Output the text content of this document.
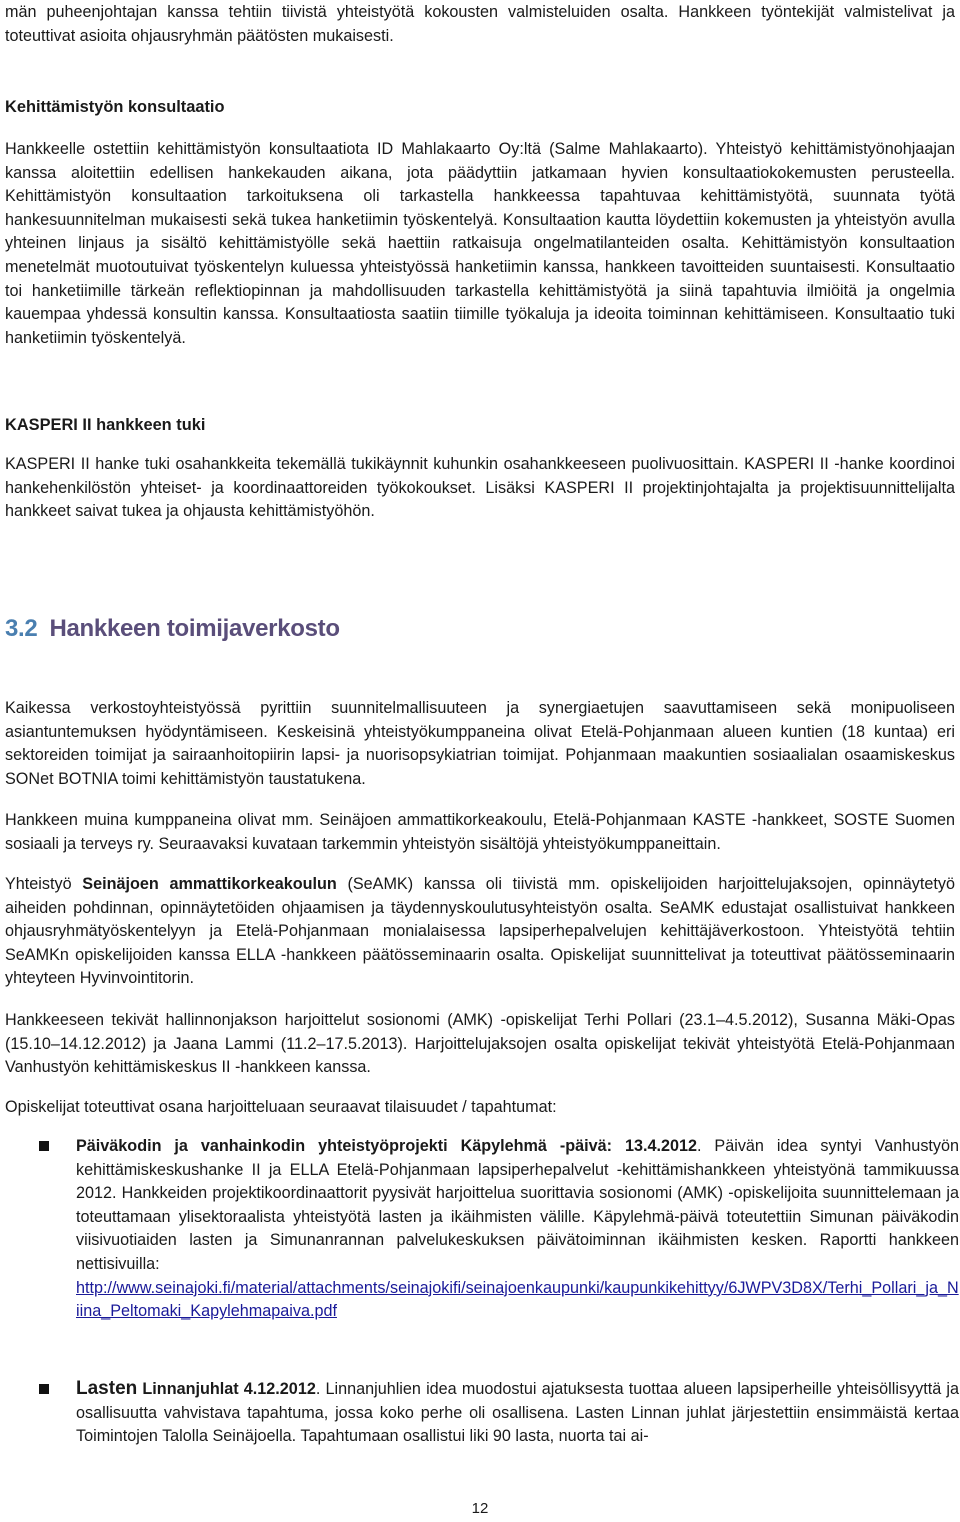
män puheenjohtajan kanssa tehtiin tiivistä yhteistyötä kokousten valmisteluiden osalta. Hankkeen työntekijät valmistelivat ja toteuttivat asioita ohjausryhmän päätösten mukaisesti.

Kehittämistyön konsultaatio

Hankkeelle ostettiin kehittämistyön konsultaatiota ID Mahlakaarto Oy:ltä (Salme Mahlakaarto). Yhteistyö kehittämistyönohjaajan kanssa aloitettiin edellisen hankekauden aikana, jota päädyttiin jatkamaan hyvien konsultaatiokokemusten perusteella. Kehittämistyön konsultaation tarkoituksena oli tarkastella hankkeessa tapahtuvaa kehittämistyötä, suunnata työtä hankesuunnitelman mukaisesti sekä tukea hanketiimin työskentelyä. Konsultaation kautta löydettiin kokemusten ja yhteistyön avulla yhteinen linjaus ja sisältö kehittämistyölle sekä haettiin ratkaisuja ongelmatilanteiden osalta. Kehittämistyön konsultaation menetelmät muotoutuivat työskentelyn kuluessa yhteistyössä hanketiimin kanssa, hankkeen tavoitteiden suuntaisesti. Konsultaatio toi hanketiimille tärkeän reflektiopinnan ja mahdollisuuden tarkastella kehittämistyötä ja siinä tapahtuvia ilmiöitä ja ongelmia kauempaa yhdessä konsultin kanssa. Konsultaatiosta saatiin tiimille työkaluja ja ideoita toiminnan kehittämiseen. Konsultaatio tuki hanketiimin työskentelyä.

KASPERI II hankkeen tuki

KASPERI II hanke tuki osahankkeita tekemällä tukikäynnit kuhunkin osahankkeeseen puolivuosittain. KASPERI II -hanke koordinoi hankehenkilöstön yhteiset- ja koordinaattoreiden työkokoukset. Lisäksi KASPERI II projektinjohtajalta ja projektisuunnittelijalta hankkeet saivat tukea ja ohjausta kehittämistyöhön.

3.2 Hankkeen toimijaverkosto

Kaikessa verkostoyhteistyössä pyrittiin suunnitelmallisuuteen ja synergiaetujen saavuttamiseen sekä monipuoliseen asiantuntemuksen hyödyntämiseen. Keskeisinä yhteistyökumppaneina olivat Etelä-Pohjanmaan alueen kuntien (18 kuntaa) eri sektoreiden toimijat ja sairaanhoitopiirin lapsi- ja nuorisopsykiatrian toimijat. Pohjanmaan maakuntien sosiaalialan osaamiskeskus SONet BOTNIA toimi kehittämistyön taustatukena.

Hankkeen muina kumppaneina olivat mm. Seinäjoen ammattikorkeakoulu, Etelä-Pohjanmaan KASTE -hankkeet, SOSTE Suomen sosiaali ja terveys ry. Seuraavaksi kuvataan tarkemmin yhteistyön sisältöjä yhteistyökumppaneittain.

Yhteistyö Seinäjoen ammattikorkeakoulun (SeAMK) kanssa oli tiivistä mm. opiskelijoiden harjoittelujaksojen, opinnäytetyö aiheiden pohdinnan, opinnäytetöiden ohjaamisen ja täydennyskoulutusyhteistyön osalta. SeAMK edustajat osallistuivat hankkeen ohjausryhmätyöskentelyyn ja Etelä-Pohjanmaan monialaisessa lapsiperhepalvelujen kehittäjäverkostoon. Yhteistyötä tehtiin SeAMKn opiskelijoiden kanssa ELLA -hankkeen päätösseminaarin osalta. Opiskelijat suunnittelivat ja toteuttivat päätösseminaarin yhteyteen Hyvinvointitorin.

Hankkeeseen tekivät hallinnonjakson harjoittelut sosionomi (AMK) -opiskelijat Terhi Pollari (23.1–4.5.2012), Susanna Mäki-Opas (15.10–14.12.2012) ja Jaana Lammi (11.2–17.5.2013). Harjoittelujaksojen osalta opiskelijat tekivät yhteistyötä Etelä-Pohjanmaan Vanhustyön kehittämiskeskus II -hankkeen kanssa.

Opiskelijat toteuttivat osana harjoitteluaan seuraavat tilaisuudet / tapahtumat:

Päiväkodin ja vanhainkodin yhteistyöprojekti Käpylehmä -päivä: 13.4.2012. Päivän idea syntyi Vanhustyön kehittämiskeskushanke II ja ELLA Etelä-Pohjanmaan lapsiperhepalvelut -kehittämishankkeen yhteistyönä tammikuussa 2012. Hankkeiden projektikoordinaattorit pyysivät harjoittelua suorittavia sosionomi (AMK) -opiskelijoita suunnittelemaan ja toteuttamaan ylisektoraalista yhteistyötä lasten ja ikäihmisten välille. Käpylehmä-päivä toteutettiin Simunan päiväkodin viisivuotiaiden lasten ja Simunanrannan palvelukeskuksen päivätoiminnan ikäihmisten kesken. Raportti hankkeen nettisivuilla:
http://www.seinajoki.fi/material/attachments/seinajokifi/seinajoenkaupunki/kaupunkikehittyy/6JWPV3D8X/Terhi_Pollari_ja_Niina_Peltomaki_Kapylehmapaiva.pdf

Lasten Linnanjuhlat 4.12.2012. Linnanjuhlien idea muodostui ajatuksesta tuottaa alueen lapsiperheille yhteisöllisyyttä ja osallisuutta vahvistava tapahtuma, jossa koko perhe oli osallisena. Lasten Linnan juhlat järjestettiin ensimmäistä kertaa Toimintojen Talolla Seinäjoella. Tapahtumaan osallistui liki 90 lasta, nuorta tai ai-

12
